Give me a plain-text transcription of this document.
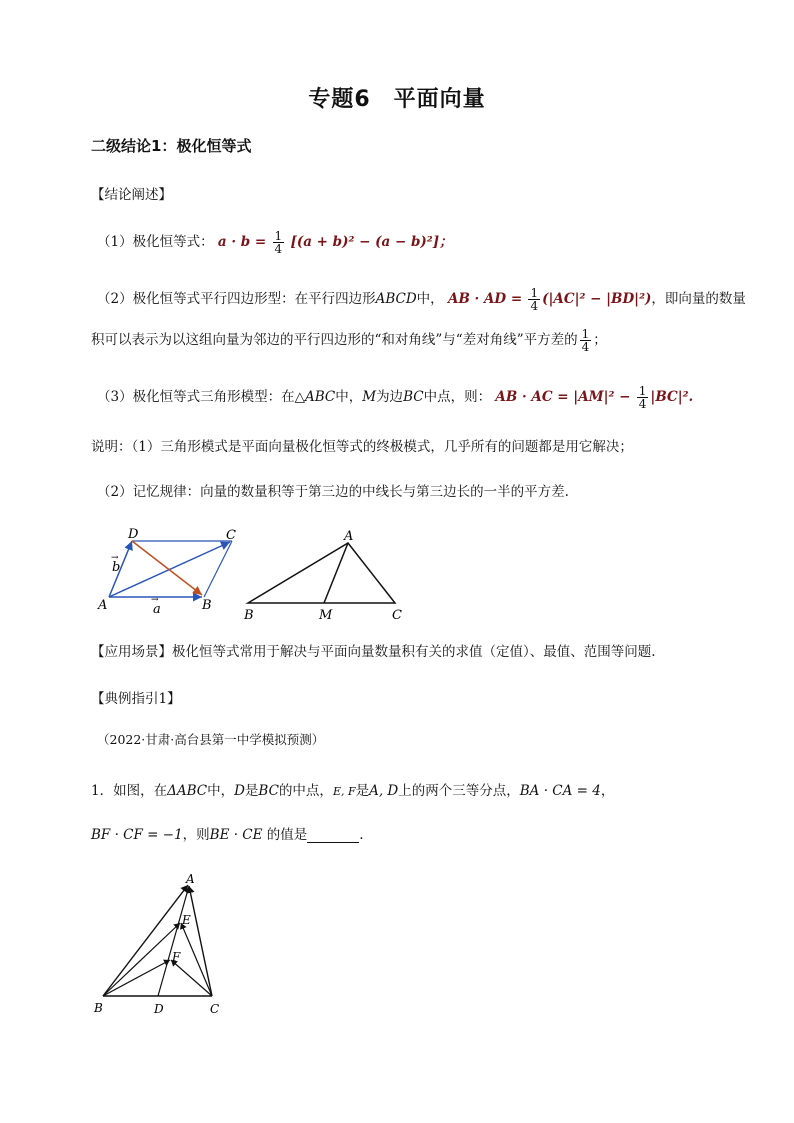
专题6　平面向量
二级结论1：极化恒等式
【结论阐述】
（1）极化恒等式： $a \cdot b = \frac{1}{4} [(a + b)^2 - (a - b)^2]$；
（2）极化恒等式平行四边形型：在平行四边形ABCD中， AB · AD = $\frac{1}{4} (|AC|^2 - |BD|^2)$，即向量的数量
积可以表示为以这组向量为邻边的平行四边形的“和对角线”与“差对角线”平方差的 $\frac{1}{4}$ ；
（3）极化恒等式三角形模型：在△ABC中，M为边BC中点，则： AB · AC = $|AM|^2 - \frac{1}{4} |BC|^2$.
说明：（1）三角形模式是平面向量极化恒等式的终极模式，几乎所有的问题都是用它解决；
（2）记忆规律：向量的数量积等于第三边的中线长与第三边长的一半的平方差.
A	B
C
D
a
b
→
→
A
B	M	C
【应用场景】极化恒等式常用于解决与平面向量数量积有关的求值（定值）、最值、范围等问题.
【典例指引1】
（2022·甘肃·高台县第一中学模拟预测）
1．如图，在ΔABC中，D是BC的中点，E, F是A, D上的两个三等分点，BA · CA = 4，
BF · CF = −1，则BE · CE 的值是	.
A
E
F
B	D	C
